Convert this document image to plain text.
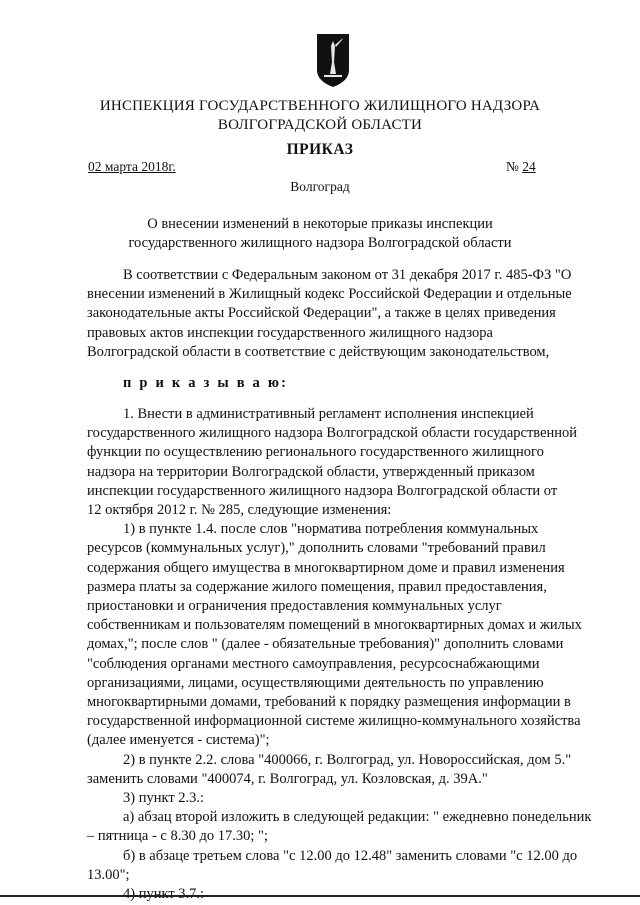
ИНСПЕКЦИЯ ГОСУДАРСТВЕННОГО ЖИЛИЩНОГО НАДЗОРА
ВОЛГОГРАДСКОЙ ОБЛАСТИ
ПРИКАЗ
02 марта 2018г.	№ 24
Волгоград
О внесении изменений в некоторые приказы инспекции
государственного жилищного надзора Волгоградской области
В соответствии с Федеральным законом от 31 декабря 2017 г. 485-ФЗ "О
внесении изменений в Жилищный кодекс Российской Федерации и отдельные
законодательные акты Российской Федерации", а также в целях приведения
правовых актов инспекции государственного жилищного надзора
Волгоградской области в соответствие с действующим законодательством,
п р и к а з ы в а ю:
1. Внести в административный регламент исполнения инспекцией
государственного жилищного надзора Волгоградской области государственной
функции по осуществлению регионального государственного жилищного
надзора на территории Волгоградской области, утвержденный приказом
инспекции государственного жилищного надзора Волгоградской области от
12 октября 2012 г. № 285, следующие изменения:
1) в пункте 1.4. после слов "норматива потребления коммунальных
ресурсов (коммунальных услуг)," дополнить словами "требований правил
содержания общего имущества в многоквартирном доме и правил изменения
размера платы за содержание жилого помещения, правил предоставления,
приостановки и ограничения предоставления коммунальных услуг
собственникам и пользователям помещений в многоквартирных домах и жилых
домах,"; после слов " (далее - обязательные требования)" дополнить словами
"соблюдения органами местного самоуправления, ресурсоснабжающими
организациями, лицами, осуществляющими деятельность по управлению
многоквартирными домами, требований к порядку размещения информации в
государственной информационной системе жилищно-коммунального хозяйства
(далее именуется - система)";
2) в пункте 2.2. слова "400066, г. Волгоград, ул. Новороссийская, дом 5."
заменить словами "400074, г. Волгоград, ул. Козловская, д. 39А."
3) пункт 2.3.:
а) абзац второй изложить в следующей редакции: " ежедневно понедельник
– пятница - с 8.30 до 17.30; ";
б) в абзаце третьем слова "с 12.00 до 12.48" заменить словами "с 12.00 до
13.00";
